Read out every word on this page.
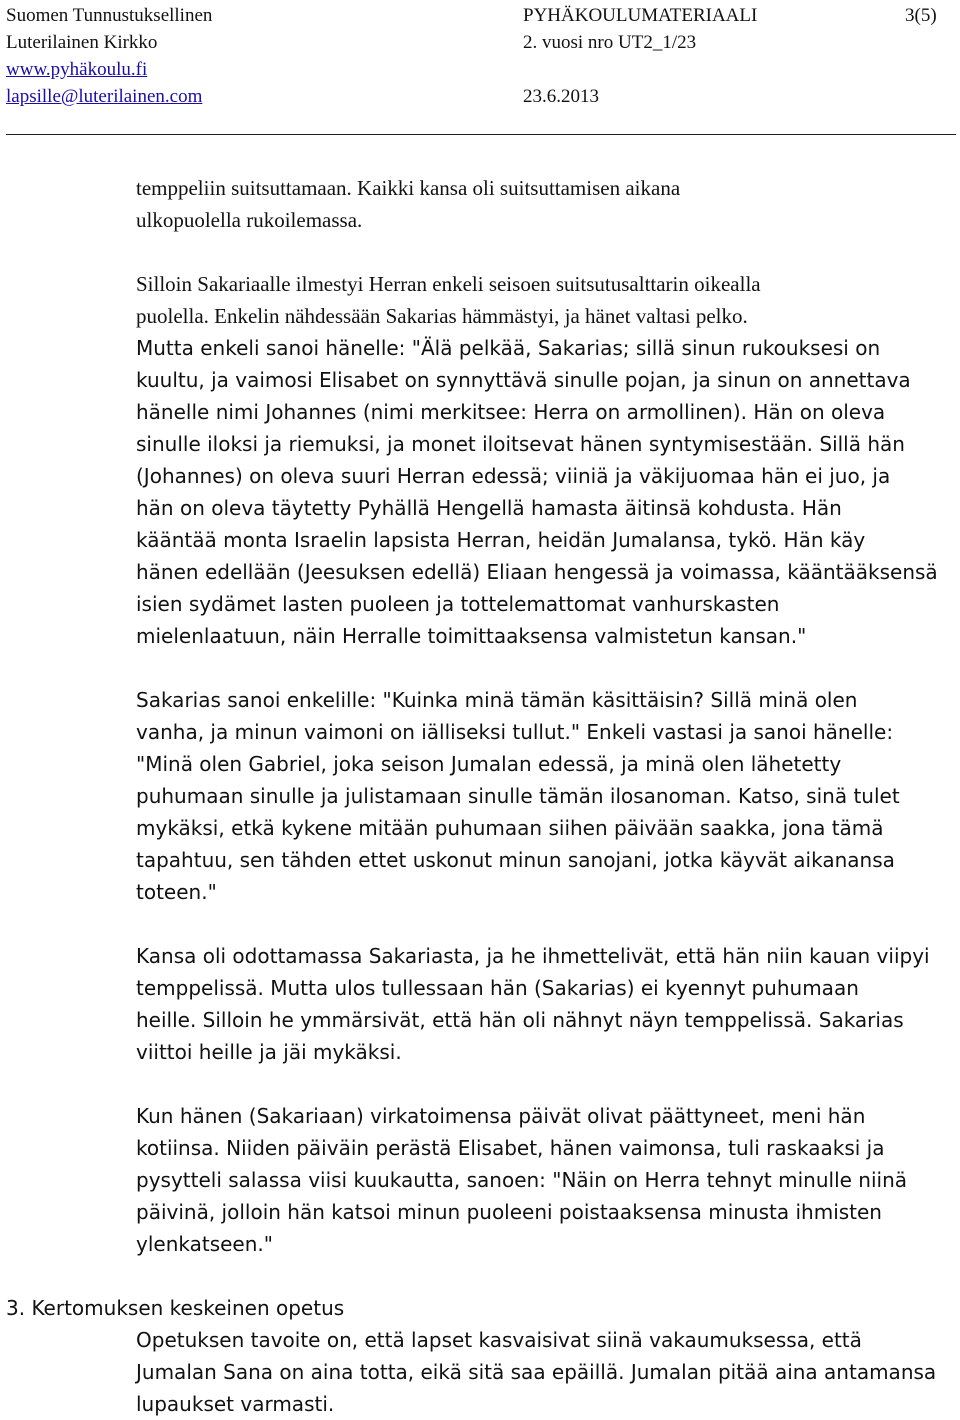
Suomen Tunnustuksellinen
Luterilainen Kirkko
www.pyhäkoulu.fi
lapsille@luterilainen.com
PYHÄKOULUMATERIAALI
2. vuosi nro UT2_1/23

23.6.2013
3(5)

temppeliin suitsuttamaan. Kaikki kansa oli suitsuttamisen aikana
ulkopuolella rukoilemassa.

Silloin Sakariaalle ilmestyi Herran enkeli seisoen suitsutusalttarin oikealla
puolella. Enkelin nähdessään Sakarias hämmästyi, ja hänet valtasi pelko.

Mutta enkeli sanoi hänelle: "Älä pelkää, Sakarias; sillä sinun rukouksesi on
kuultu, ja vaimosi Elisabet on synnyttävä sinulle pojan, ja sinun on annettava
hänelle nimi Johannes (nimi merkitsee: Herra on armollinen). Hän on oleva
sinulle iloksi ja riemuksi, ja monet iloitsevat hänen syntymisestään. Sillä hän
(Johannes) on oleva suuri Herran edessä; viiniä ja väkijuomaa hän ei juo, ja
hän on oleva täytetty Pyhällä Hengellä hamasta äitinsä kohdusta. Hän
kääntää monta Israelin lapsista Herran, heidän Jumalansa, tykö. Hän käy
hänen edellään (Jeesuksen edellä) Eliaan hengessä ja voimassa, kääntääksensä
isien sydämet lasten puoleen ja tottelemattomat vanhurskasten
mielenlaatuun, näin Herralle toimittaaksensa valmistetun kansan."

Sakarias sanoi enkelille: "Kuinka minä tämän käsittäisin? Sillä minä olen
vanha, ja minun vaimoni on iälliseksi tullut." Enkeli vastasi ja sanoi hänelle:
"Minä olen Gabriel, joka seison Jumalan edessä, ja minä olen lähetetty
puhumaan sinulle ja julistamaan sinulle tämän ilosanoman. Katso, sinä tulet
mykäksi, etkä kykene mitään puhumaan siihen päivään saakka, jona tämä
tapahtuu, sen tähden ettet uskonut minun sanojani, jotka käyvät aikanansa
toteen."

Kansa oli odottamassa Sakariasta, ja he ihmettelivät, että hän niin kauan viipyi
temppelissä. Mutta ulos tullessaan hän (Sakarias) ei kyennyt puhumaan
heille. Silloin he ymmärsivät, että hän oli nähnyt näyn temppelissä. Sakarias
viittoi heille ja jäi mykäksi.

Kun hänen (Sakariaan) virkatoimensa päivät olivat päättyneet, meni hän
kotiinsa. Niiden päiväin perästä Elisabet, hänen vaimonsa, tuli raskaaksi ja
pysytteli salassa viisi kuukautta, sanoen: "Näin on Herra tehnyt minulle niinä
päivinä, jolloin hän katsoi minun puoleeni poistaaksensa minusta ihmisten
ylenkatseen."

3. Kertomuksen keskeinen opetus

Opetuksen tavoite on, että lapset kasvaisivat siinä vakaumuksessa, että
Jumalan Sana on aina totta, eikä sitä saa epäillä. Jumalan pitää aina antamansa
lupaukset varmasti.
